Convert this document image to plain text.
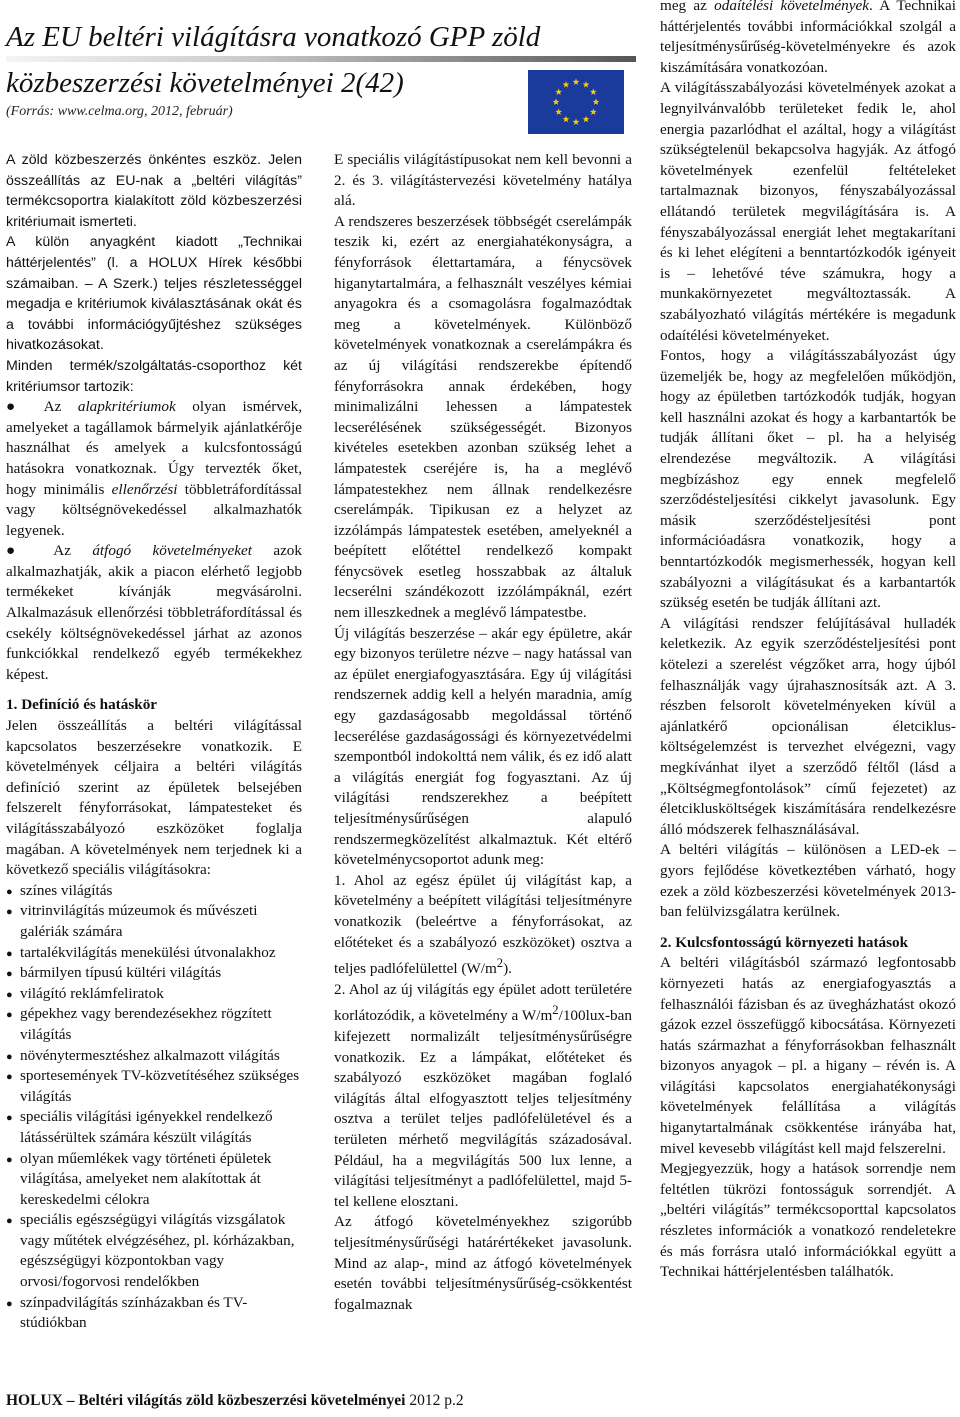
Az EU beltéri világításra vonatkozó GPP zöld
közbeszerzési követelményei 2(42)
(Forrás: www.celma.org, 2012, február)

A zöld közbeszerzés önkéntes eszköz. Jelen összeállítás az EU-nak a „beltéri világítás” termékcsoportra kialakított zöld közbeszerzési kritériumait ismerteti.

A külön anyagként kiadott „Technikai háttérjelentés” (l. a HOLUX Hírek későbbi számaiban. – A Szerk.) teljes részletességgel megadja e kritériumok kiválasztásának okát és a további információgyűjtéshez szükséges hivatkozásokat.

Minden termék/szolgáltatás-csoporthoz két kritériumsor tartozik:

● Az alapkritériumok olyan ismérvek, amelyeket a tagállamok bármelyik ajánlatkérője használhat és amelyek a kulcsfontosságú hatásokra vonatkoznak. Úgy tervezték őket, hogy minimális ellenőrzési többletráfordítással vagy költségnövekedéssel alkalmazhatók legyenek.

● Az átfogó követelményeket azok alkalmazhatják, akik a piacon elérhető legjobb termékeket kívánják megvásárolni. Alkalmazásuk ellenőrzési többletráfordítással és csekély költségnövekedéssel járhat az azonos funkciókkal rendelkező egyéb termékekhez képest.

1. Definíció és hatáskör

Jelen összeállítás a beltéri világítással kapcsolatos beszerzésekre vonatkozik. E követelmények céljaira a beltéri világítás definíció szerint az épületek belsejében felszerelt fényforrásokat, lámpatesteket és világításszabályozó eszközöket foglalja magában. A követelmények nem terjednek ki a következő speciális világításokra:

● színes világítás
● vitrinvilágítás múzeumok és művészeti galériák számára
● tartalékvilágítás menekülési útvonalakhoz
● bármilyen típusú kültéri világítás
● világító reklámfeliratok
● gépekhez vagy berendezésekhez rögzített világítás
● növénytermesztéshez alkalmazott világítás
● sportesemények TV-közvetítéséhez szükséges világítás
● speciális világítási igényekkel rendelkező látássérültek számára készült világítás
● olyan műemlékek vagy történeti épületek világítása, amelyeket nem alakítottak át kereskedelmi célokra
● speciális egészségügyi világítás vizsgálatok vagy műtétek elvégzéséhez, pl. kórházakban, egészségügyi központokban vagy orvosi/fogorvosi rendelőkben
● színpadvilágítás színházakban és TV-stúdiókban

E speciális világítástípusokat nem kell bevonni a 2. és 3. világítástervezési követelmény hatálya alá.

A rendszeres beszerzések többségét cserelámpák teszik ki, ezért az energiahatékonyságra, a fényforrások élettartamára, a fénycsövek higanytartalmára, a felhasznált veszélyes kémiai anyagokra és a csomagolásra fogalmazódtak meg a követelmények. Különböző követelmények vonatkoznak a cserelámpákra és az új világítási rendszerekbe építendő fényforrásokra annak érdekében, hogy minimalizálni lehessen a lámpatestek lecserélésének szükségességét. Bizonyos kivételes esetekben azonban szükség lehet a lámpatestek cseréjére is, ha a meglévő lámpatestekhez nem állnak rendelkezésre cserelámpák. Tipikusan ez a helyzet az izzólámpás lámpatestek esetében, amelyeknél a beépített előtéttel rendelkező kompakt fénycsövek esetleg hosszabbak az általuk lecserélni szándékozott izzólámpáknál, ezért nem illeszkednek a meglévő lámpatestbe.

Új világítás beszerzése – akár egy épületre, akár egy bizonyos területre nézve – nagy hatással van az épület energiafogyasztására. Egy új világítási rendszernek addig kell a helyén maradnia, amíg egy gazdaságosabb megoldással történő lecserélése gazdaságossági és környezetvédelmi szempontból indokolttá nem válik, és ez idő alatt a világítás energiát fog fogyasztani. Az új világítási rendszerekhez a beépített teljesítménysűrűségen alapuló rendszermegközelítést alkalmaztuk. Két eltérő követelménycsoportot adunk meg:

1. Ahol az egész épület új világítást kap, a követelmény a beépített világítási teljesítményre vonatkozik (beleértve a fényforrásokat, az előtéteket és a szabályozó eszközöket) osztva a teljes padlófelülettel $(W/m^2)$.

2. Ahol az új világítás egy épület adott területére korlátozódik, a követelmény a $W/m^2/100lux$-ban kifejezett normalizált teljesítménysűrűségre vonatkozik. Ez a lámpákat, előtéteket és szabályozó eszközöket magában foglaló világítás által elfogyasztott teljes teljesítmény osztva a terület teljes padlófelületével és a területen mérhető megvilágítás századosával. Például, ha a megvilágítás 500 lux lenne, a világítási teljesítményt a padlófelülettel, majd 5-tel kellene elosztani.

Az átfogó követelményekhez szigorúbb teljesítménysűrűségi határértékeket javasolunk. Mind az alap-, mind az átfogó követelmények esetén további teljesítménysűrűség-csökkentést fogalmaznak

meg az odaítélési követelmények. A Technikai háttérjelentés további információkkal szolgál a teljesítménysűrűség-követelményekre és azok kiszámítására vonatkozóan.

A világításszabályozási követelmények azokat a legnyilvánvalóbb területeket fedik le, ahol energia pazarlódhat el azáltal, hogy a világítást szükségtelenül bekapcsolva hagyják. Az átfogó követelmények ezenfelül feltételeket tartalmaznak bizonyos, fényszabályozással ellátandó területek megvilágítására is. A fényszabályozással energiát lehet megtakarítani és ki lehet elégíteni a benntartózkodók igényeit is – lehetővé téve számukra, hogy a munkakörnyezetet megváltoztassák. A szabályozható világítás mértékére is megadunk odaítélési követelményeket.

Fontos, hogy a világításszabályozást úgy üzemeljék be, hogy az megfelelően működjön, hogy az épületben tartózkodók tudják, hogyan kell használni azokat és hogy a karbantartók be tudják állítani őket – pl. ha a helyiség elrendezése megváltozik. A világítási megbízáshoz egy ennek megfelelő szerződésteljesítési cikkelyt javasolunk. Egy másik szerződésteljesítési pont információadásra vonatkozik, hogy a benntartózkodók megismerhessék, hogyan kell szabályozni a világításukat és a karbantartók szükség esetén be tudják állítani azt.

A világítási rendszer felújításával hulladék keletkezik. Az egyik szerződésteljesítési pont kötelezi a szerelést végzőket arra, hogy újból felhasználják vagy újrahasznosítsák azt. A 3. részben felsorolt követelményeken kívül a ajánlatkérő opcionálisan életciklus-költségelemzést is tervezhet elvégezni, vagy megkívánhat ilyet a szerződő féltől (lásd a „Költségmegfontolások” című fejezetet) az életciklusköltségek kiszámítására rendelkezésre álló módszerek felhasználásával.

A beltéri világítás – különösen a LED-ek – gyors fejlődése következtében várható, hogy ezek a zöld közbeszerzési követelmények 2013-ban felülvizsgálatra kerülnek.

2. Kulcsfontosságú környezeti hatások

A beltéri világításból származó legfontosabb környezeti hatás az energiafogyasztás a felhasználói fázisban és az üvegházhatást okozó gázok ezzel összefüggő kibocsátása. Környezeti hatás származhat a fényforrásokban felhasznált bizonyos anyagok – pl. a higany – révén is. A világítási kapcsolatos energiahatékonysági követelmények felállítása a világítás higanytartalmának csökkentése irányába hat, mivel kevesebb világítást kell majd felszerelni.

Megjegyezzük, hogy a hatások sorrendje nem feltétlen tükrözi fontosságuk sorrendjét. A „beltéri világítás” termékcsoporttal kapcsolatos részletes információk a vonatkozó rendeletekre és más forrásra utaló információkkal együtt a Technikai háttérjelentésben találhatók.

HOLUX – Beltéri világítás zöld közbeszerzési követelményei 2012 p.2
